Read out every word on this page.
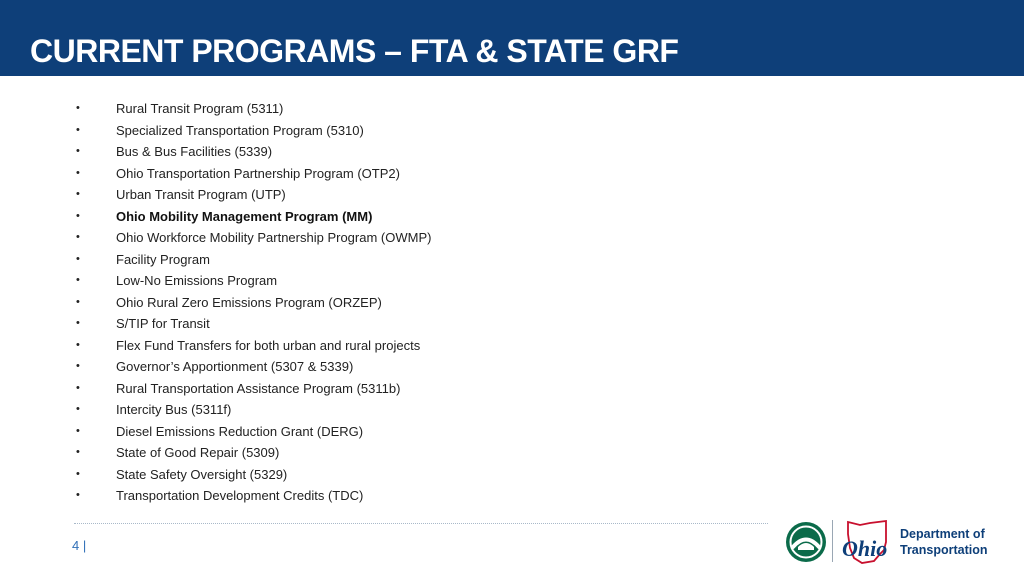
CURRENT PROGRAMS – FTA & STATE GRF
•	Rural Transit Program (5311)
•	Specialized Transportation Program (5310)
•	Bus & Bus Facilities (5339)
•	Ohio Transportation Partnership Program (OTP2)
•	Urban Transit Program (UTP)
•	Ohio Mobility Management Program (MM)
•	Ohio Workforce Mobility Partnership Program (OWMP)
•	Facility Program
•	Low-No Emissions Program
•	Ohio Rural Zero Emissions Program (ORZEP)
•	S/TIP for Transit
•	Flex Fund Transfers for both urban and rural projects
•	Governor’s Apportionment (5307 & 5339)
•	Rural Transportation Assistance Program (5311b)
•	Intercity Bus (5311f)
•	Diesel Emissions Reduction Grant (DERG)
•	State of Good Repair (5309)
•	State Safety Oversight (5329)
•	Transportation Development Credits (TDC)
4 |	Ohio
Department of
Transportation
